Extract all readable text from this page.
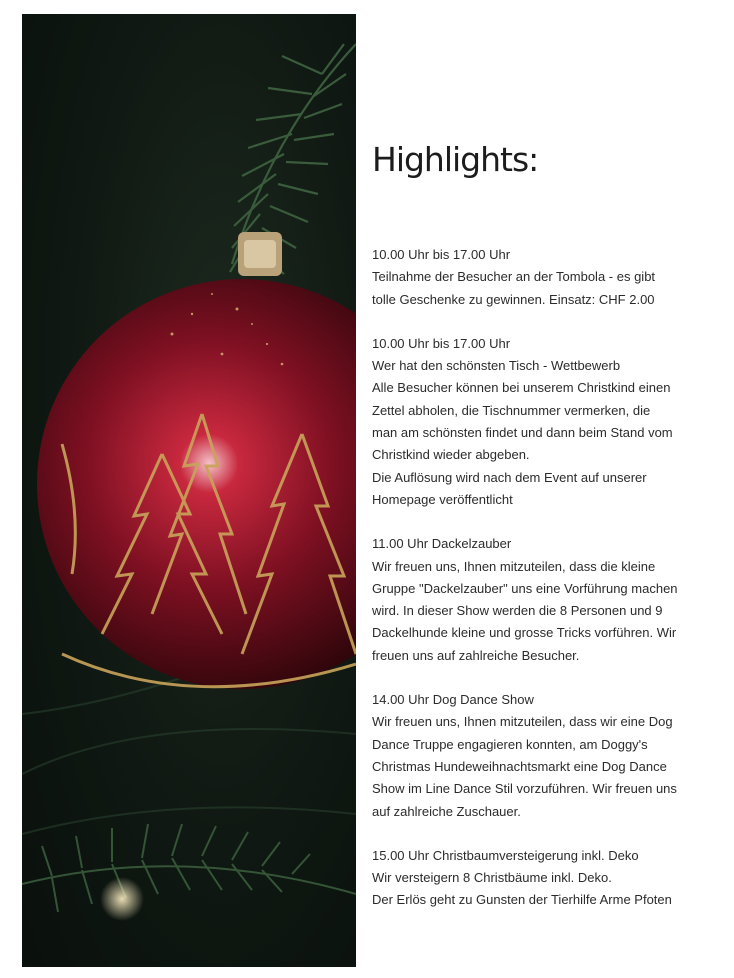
Highlights:

10.00 Uhr bis 17.00 Uhr

Teilnahme der Besucher an der Tombola - es gibt

tolle Geschenke zu gewinnen. Einsatz: CHF 2.00

10.00 Uhr bis 17.00 Uhr

Wer hat den schönsten Tisch - Wettbewerb

Alle Besucher können bei unserem Christkind einen

Zettel abholen, die Tischnummer vermerken, die

man am schönsten findet und dann beim Stand vom

Christkind wieder abgeben.

Die Auflösung wird nach dem Event auf unserer

Homepage veröffentlicht

11.00 Uhr Dackelzauber

Wir freuen uns, Ihnen mitzuteilen, dass die kleine

Gruppe "Dackelzauber" uns eine Vorführung machen

wird. In dieser Show werden die 8 Personen und 9

Dackelhunde kleine und grosse Tricks vorführen. Wir

freuen uns auf zahlreiche Besucher.

14.00 Uhr Dog Dance Show

Wir freuen uns, Ihnen mitzuteilen, dass wir eine Dog

Dance Truppe engagieren konnten, am Doggy's

Christmas Hundeweihnachtsmarkt eine Dog Dance

Show im Line Dance Stil vorzuführen. Wir freuen uns

auf zahlreiche Zuschauer.

15.00 Uhr Christbaumversteigerung inkl. Deko

Wir versteigern 8 Christbäume inkl. Deko.

Der Erlös geht zu Gunsten der Tierhilfe Arme Pfoten
